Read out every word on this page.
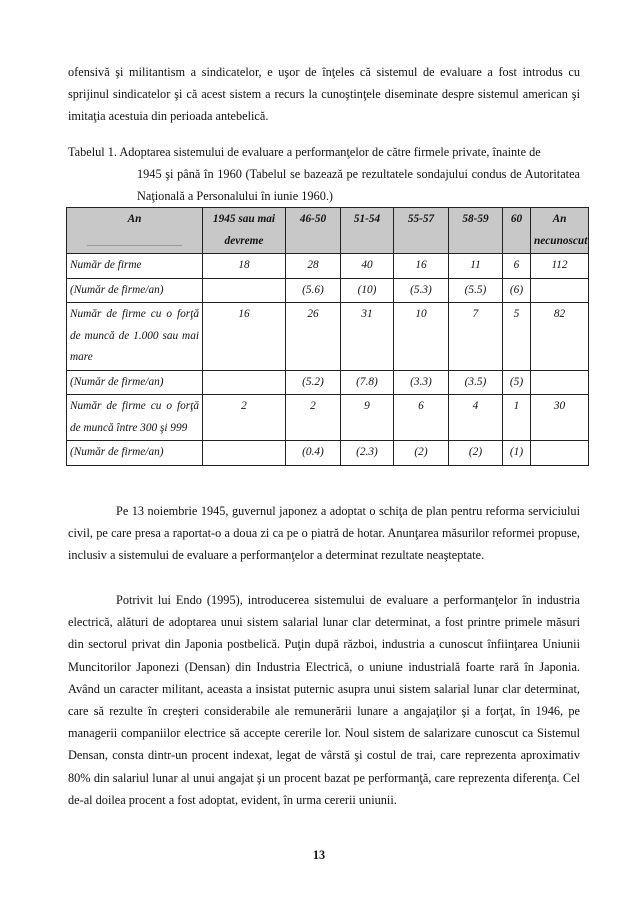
ofensivă şi militantism a sindicatelor, e uşor de înţeles că sistemul de evaluare a fost introdus cu sprijinul sindicatelor şi că acest sistem a recurs la cunoştinţele diseminate despre sistemul american şi imitaţia acestuia din perioada antebelică.

Tabelul 1. Adoptarea sistemului de evaluare a performanţelor de către firmele private, înainte de
1945 şi până în 1960 (Tabelul se bazează pe rezultatele sondajului condus de Autoritatea Naţională a Personalului în iunie 1960.)
An	1945 sau mai devreme	46-50	51-54	55-57	58-59	60	An necunoscut
Număr de firme	18	28	40	16	11	6	112
(Număr de firme/an)		(5.6)	(10)	(5.3)	(5.5)	(6)	
Număr de firme cu o forţă de muncă de 1.000 sau mai mare	16	26	31	10	7	5	82
(Număr de firme/an)		(5.2)	(7.8)	(3.3)	(3.5)	(5)	
Număr de firme cu o forţă de muncă între 300 şi 999	2	2	9	6	4	1	30
(Număr de firme/an)		(0.4)	(2.3)	(2)	(2)	(1)	

Pe 13 noiembrie 1945, guvernul japonez a adoptat o schiţa de plan pentru reforma serviciului civil, pe care presa a raportat-o a doua zi ca pe o piatră de hotar. Anunţarea măsurilor reformei propuse, inclusiv a sistemului de evaluare a performanţelor a determinat rezultate neaşteptate.

Potrivit lui Endo (1995), introducerea sistemului de evaluare a performanţelor în industria electrică, alături de adoptarea unui sistem salarial lunar clar determinat, a fost printre primele măsuri din sectorul privat din Japonia postbelică. Puţin după război, industria a cunoscut înfiinţarea Uniunii Muncitorilor Japonezi (Densan) din Industria Electrică, o uniune industrială foarte rară în Japonia. Având un caracter militant, aceasta a insistat puternic asupra unui sistem salarial lunar clar determinat, care să rezulte în creşteri considerabile ale remunerării lunare a angajaţilor şi a forţat, în 1946, pe managerii companiilor electrice să accepte cererile lor. Noul sistem de salarizare cunoscut ca Sistemul Densan, consta dintr-un procent indexat, legat de vârstă şi costul de trai, care reprezenta aproximativ 80% din salariul lunar al unui angajat şi un procent bazat pe performanţă, care reprezenta diferenţa. Cel de-al doilea procent a fost adoptat, evident, în urma cererii uniunii.

13
